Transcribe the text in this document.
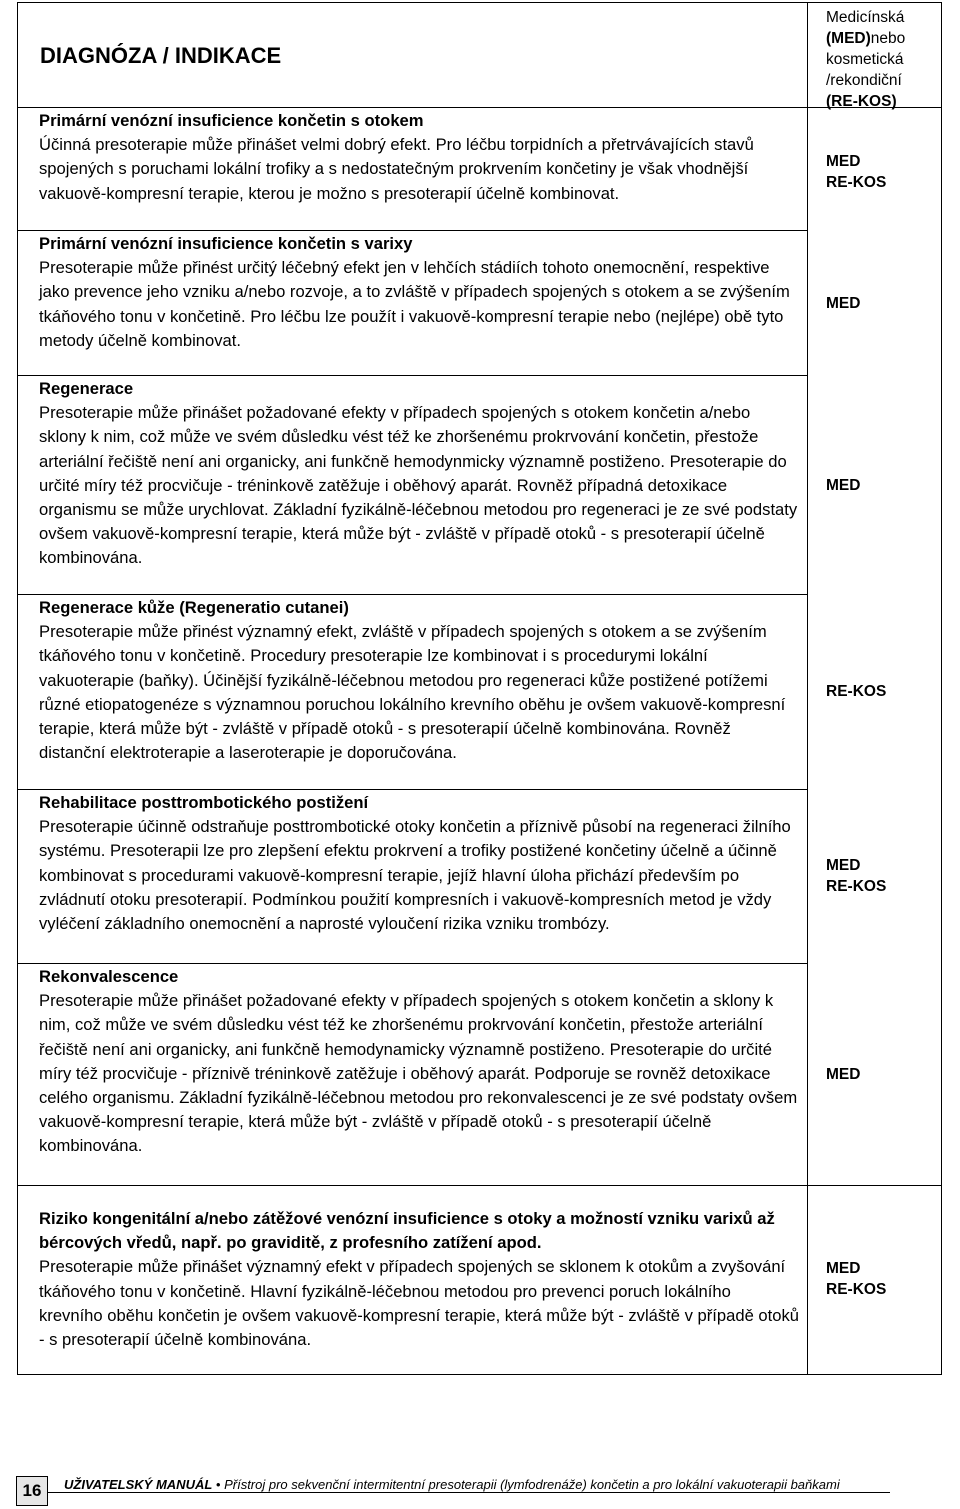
DIAGNÓZA / INDIKACE
Medicínská
(MED)nebo
kosmetická
/rekondiční
(RE-KOS)
Primární venózní insuficience končetin s otokem
Účinná presoterapie může přinášet velmi dobrý efekt. Pro léčbu torpidních a přetrvávajících stavů spojených s poruchami lokální trofiky a s nedostatečným prokrvením končetiny je však vhodnější vakuově-kompresní terapie, kterou je možno s presoterapií účelně kombinovat.
MED
RE-KOS
Primární venózní insuficience končetin s varixy
Presoterapie může přinést určitý léčebný efekt jen v lehčích stádiích tohoto onemocnění, respektive jako prevence jeho vzniku a/nebo rozvoje, a to zvláště v případech spojených s otokem a se zvýšením tkáňového tonu v končetině. Pro léčbu lze použít i vakuově-kompresní terapie nebo (nejlépe) obě tyto metody účelně kombinovat.
MED
Regenerace
Presoterapie může přinášet požadované efekty v případech spojených s otokem končetin a/nebo sklony k nim, což může ve svém důsledku vést též ke zhoršenému prokrvování končetin, přestože arteriální řečiště není ani organicky, ani funkčně hemodynmicky významně postiženo. Presoterapie do určité míry též procvičuje - tréninkově zatěžuje i oběhový aparát. Rovněž případná detoxikace organismu se může urychlovat. Základní fyzikálně-léčebnou metodou pro regeneraci je ze své podstaty ovšem vakuově-kompresní terapie, která může být - zvláště v případě otoků - s presoterapií účelně kombinována.
MED
Regenerace kůže (Regeneratio cutanei)
Presoterapie může přinést významný efekt, zvláště v případech spojených s otokem a se zvýšením tkáňového tonu v končetině. Procedury presoterapie lze kombinovat i s procedurymi lokální vakuoterapie (baňky). Účinější fyzikálně-léčebnou metodou pro regeneraci kůže postižené potížemi různé etiopatogenéze s významnou poruchou lokálního krevního oběhu je ovšem vakuově-kompresní terapie, která může být - zvláště v případě otoků - s presoterapií účelně kombinována. Rovněž distanční elektroterapie a laseroterapie je doporučována.
RE-KOS
Rehabilitace posttrombotického postižení
Presoterapie účinně odstraňuje posttrombotické otoky končetin a příznivě působí na regeneraci žilního systému. Presoterapii lze pro zlepšení efektu prokrvení a trofiky postižené končetiny účelně a účinně kombinovat s procedurami vakuově-kompresní terapie, jejíž hlavní úloha přichází především po zvládnutí otoku presoterapií. Podmínkou použití kompresních i vakuově-kompresních metod je vždy vyléčení základního onemocnění a naprosté vyloučení rizika vzniku trombózy.
MED
RE-KOS
Rekonvalescence
Presoterapie může přinášet požadované efekty v případech spojených s otokem končetin a sklony k nim, což může ve svém důsledku vést též ke zhoršenému prokrvování končetin, přestože arteriální řečiště není ani organicky, ani funkčně hemodynamicky významně postiženo. Presoterapie do určité míry též procvičuje - příznivě tréninkově zatěžuje i oběhový aparát. Podporuje se rovněž detoxikace celého organismu. Základní fyzikálně-léčebnou metodou pro rekonvalescenci je ze své podstaty ovšem vakuově-kompresní terapie, která může být - zvláště v případě otoků - s presoterapií účelně kombinována.
MED
Riziko kongenitální a/nebo zátěžové venózní insuficience s otoky a možností vzniku varixů až bércových vředů, např. po graviditě, z profesního zatížení apod.
Presoterapie může přinášet významný efekt v případech spojených se sklonem k otokům a zvyšování tkáňového tonu v končetině. Hlavní fyzikálně-léčebnou metodou pro prevenci poruch lokálního krevního oběhu končetin je ovšem vakuově-kompresní terapie, která může být - zvláště v případě otoků - s presoterapií účelně kombinována.
MED
RE-KOS
16	UŽIVATELSKÝ MANUÁL • Přístroj pro sekvenční intermitentní presoterapii (lymfodrenáže) končetin a pro lokální vakuoterapii baňkami
